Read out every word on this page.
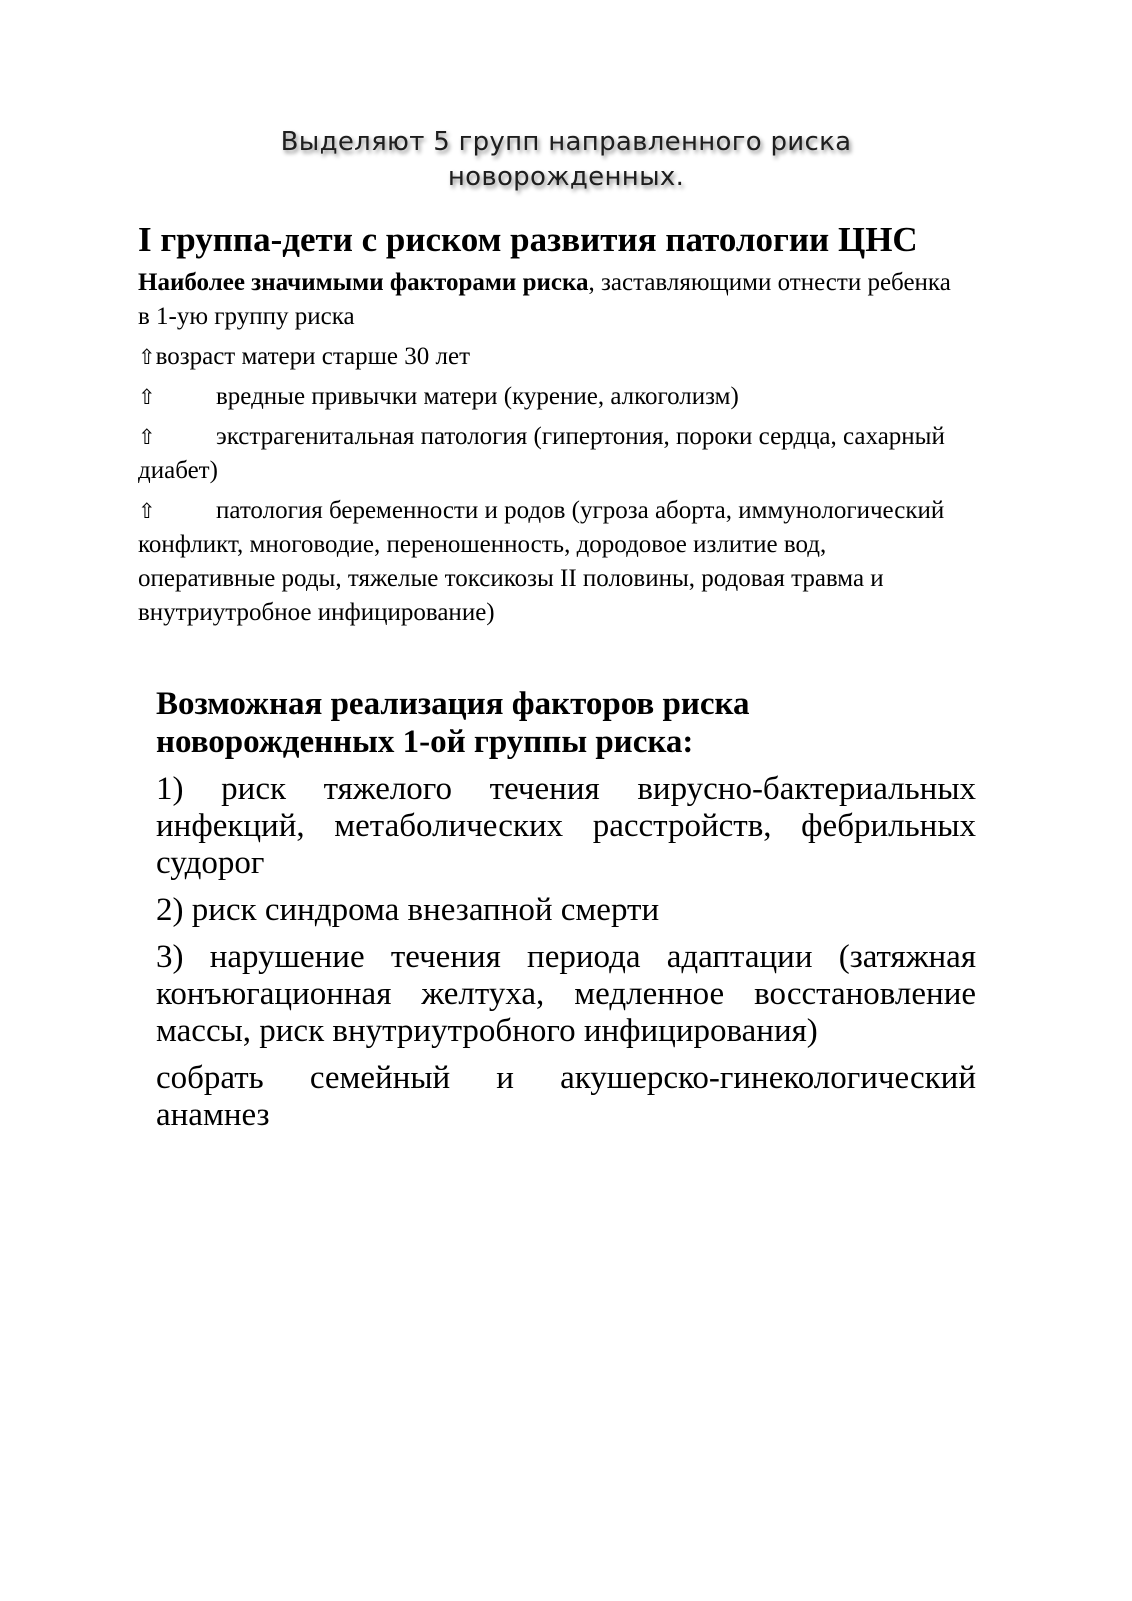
Выделяют 5 групп направленного риска
новорожденных.
I группа-дети с риском развития патологии ЦНС

Наиболее значимыми факторами риска, заставляющими отнести ребенка в 1-ую группу риска

⇧возраст матери старше 30 лет

⇧ вредные привычки матери (курение, алкоголизм)

⇧ экстрагенитальная патология (гипертония, пороки сердца, сахарный диабет)

⇧ патология беременности и родов (угроза аборта, иммунологический конфликт, многоводие, переношенность, дородовое излитие вод, оперативные роды, тяжелые токсикозы II половины, родовая травма и внутриутробное инфицирование)

Возможная реализация факторов риска
новорожденных 1-ой группы риска:

1) риск тяжелого течения вирусно-бактериальных инфекций, метаболических расстройств, фебрильных судорог

2) риск синдрома внезапной смерти

3) нарушение течения периода адаптации (затяжная конъюгационная желтуха, медленное восстановление массы, риск внутриутробного инфицирования)

собрать семейный и акушерско-гинекологический анамнез
